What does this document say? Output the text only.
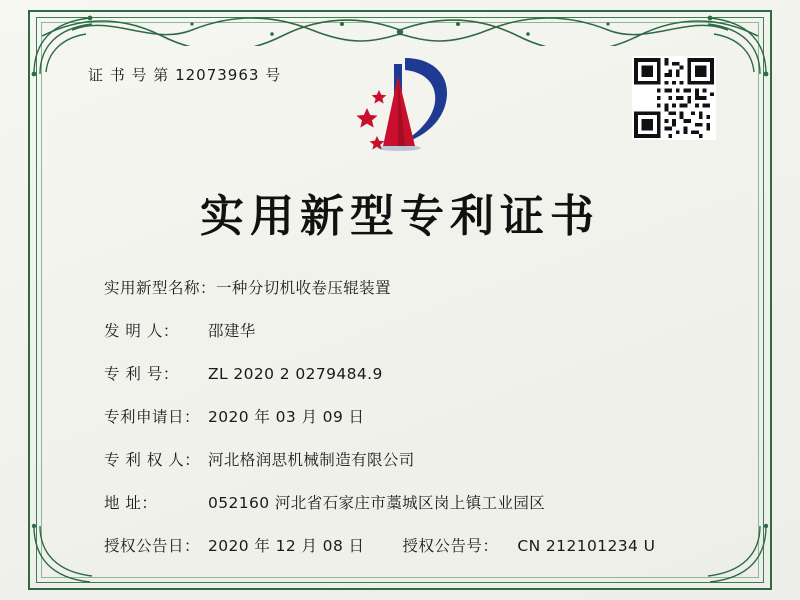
证 书 号 第 12073963 号
实用新型专利证书
实用新型名称： 一种分切机收卷压辊装置
发 明 人：	邵建华
专 利 号：	ZL 2020 2 0279484.9
专利申请日： 2020 年 03 月 09 日
专 利 权 人： 河北格润思机械制造有限公司
地 址：	052160 河北省石家庄市藁城区岗上镇工业园区
授权公告日： 2020 年 12 月 08 日 授权公告号： CN 212101234 U
